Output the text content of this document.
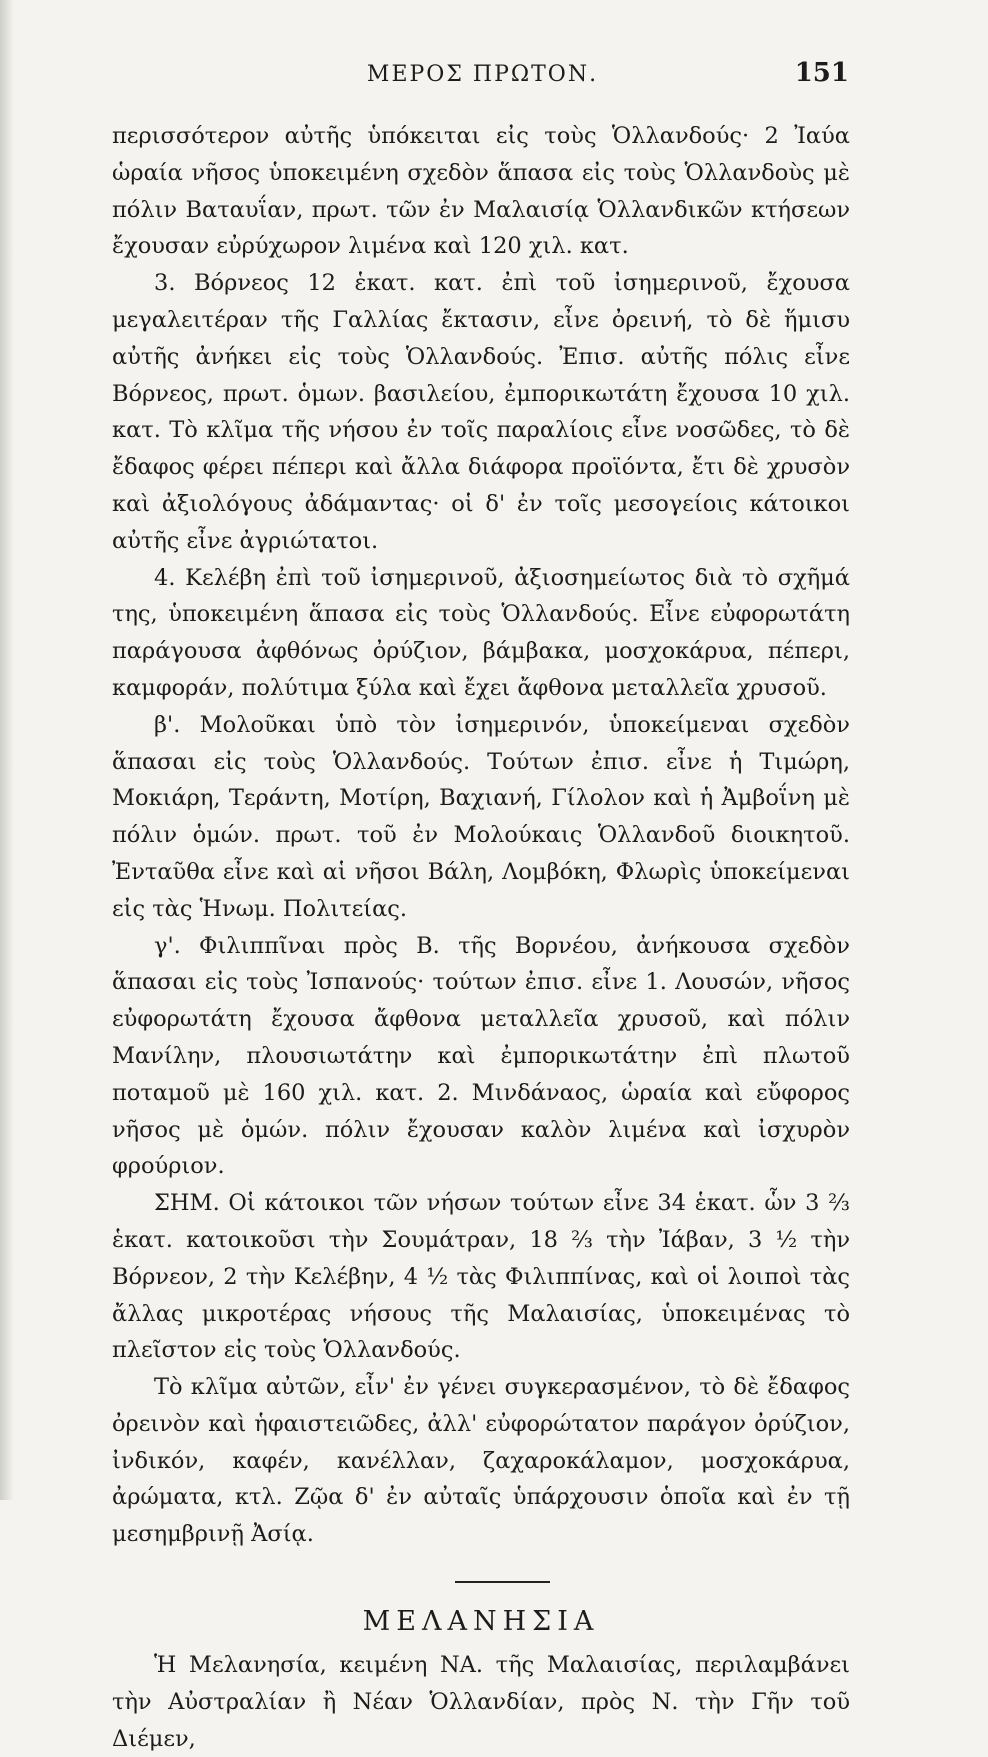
ΜΕΡΟΣ ΠΡΩΤΟΝ.	151

περισσότερον αὐτῆς ὑπόκειται εἰς τοὺς Ὁλλανδούς· 2 Ἰαύα ὡραία νῆσος ὑποκειμένη σχεδὸν ἅπασα εἰς τοὺς Ὁλλανδοὺς μὲ πόλιν Βαταυΐαν, πρωτ. τῶν ἐν Μαλαισίᾳ Ὁλλανδικῶν κτήσεων ἔχουσαν εὐρύχωρον λιμένα καὶ 120 χιλ. κατ.

3. Βόρνεος 12 ἑκατ. κατ. ἐπὶ τοῦ ἰσημερινοῦ, ἔχουσα μεγαλειτέραν τῆς Γαλλίας ἔκτασιν, εἶνε ὀρεινή, τὸ δὲ ἥμισυ αὐτῆς ἀνήκει εἰς τοὺς Ὁλλανδούς. Ἐπισ. αὐτῆς πόλις εἶνε Βόρνεος, πρωτ. ὁμων. βασιλείου, ἐμπορικωτάτη ἔχουσα 10 χιλ. κατ. Τὸ κλῖμα τῆς νήσου ἐν τοῖς παραλίοις εἶνε νοσῶδες, τὸ δὲ ἔδαφος φέρει πέπερι καὶ ἄλλα διάφορα προϊόντα, ἔτι δὲ χρυσὸν καὶ ἀξιολόγους ἀδάμαντας· οἱ δ' ἐν τοῖς μεσογείοις κάτοικοι αὐτῆς εἶνε ἀγριώτατοι.

4. Κελέβη ἐπὶ τοῦ ἰσημερινοῦ, ἀξιοσημείωτος διὰ τὸ σχῆμά της, ὑποκειμένη ἅπασα εἰς τοὺς Ὁλλανδούς. Εἶνε εὐφορωτάτη παράγουσα ἀφθόνως ὀρύζιον, βάμβακα, μοσχοκάρυα, πέπερι, καμφοράν, πολύτιμα ξύλα καὶ ἔχει ἄφθονα μεταλλεῖα χρυσοῦ.

β'. Μολοῦκαι ὑπὸ τὸν ἰσημερινόν, ὑποκείμεναι σχεδὸν ἅπασαι εἰς τοὺς Ὁλλανδούς. Τούτων ἐπισ. εἶνε ἡ Τιμώρη, Μοκιάρη, Τεράντη, Μοτίρη, Βαχιανή, Γίλολον καὶ ἡ Ἀμβοΐνη μὲ πόλιν ὁμών. πρωτ. τοῦ ἐν Μολούκαις Ὁλλανδοῦ διοικητοῦ. Ἐνταῦθα εἶνε καὶ αἱ νῆσοι Βάλη, Λομβόκη, Φλωρὶς ὑποκείμεναι εἰς τὰς Ἡνωμ. Πολιτείας.

γ'. Φιλιππῖναι πρὸς Β. τῆς Βορνέου, ἀνήκουσα σχεδὸν ἅπασαι εἰς τοὺς Ἰσπανούς· τούτων ἐπισ. εἶνε 1. Λουσών, νῆσος εὐφορωτάτη ἔχουσα ἄφθονα μεταλλεῖα χρυσοῦ, καὶ πόλιν Μανίλην, πλουσιωτάτην καὶ ἐμπορικωτάτην ἐπὶ πλωτοῦ ποταμοῦ μὲ 160 χιλ. κατ. 2. Μινδάναος, ὡραία καὶ εὔφορος νῆσος μὲ ὁμών. πόλιν ἔχουσαν καλὸν λιμένα καὶ ἰσχυρὸν φρούριον.

ΣΗΜ. Οἱ κάτοικοι τῶν νήσων τούτων εἶνε 34 ἑκατ. ὧν 3 ⅔ ἑκατ. κατοικοῦσι τὴν Σουμάτραν, 18 ⅔ τὴν Ἰάβαν, 3 ½ τὴν Βόρνεον, 2 τὴν Κελέβην, 4 ½ τὰς Φιλιππίνας, καὶ οἱ λοιποὶ τὰς ἄλλας μικροτέρας νήσους τῆς Μαλαισίας, ὑποκειμένας τὸ πλεῖστον εἰς τοὺς Ὁλλανδούς.

Τὸ κλῖμα αὐτῶν, εἶν' ἐν γένει συγκερασμένον, τὸ δὲ ἔδαφος ὀρεινὸν καὶ ἡφαιστειῶδες, ἀλλ' εὐφορώτατον παράγον ὀρύζιον, ἰνδικόν, καφέν, κανέλλαν, ζαχαροκάλαμον, μοσχοκάρυα, ἀρώματα, κτλ. Ζῷα δ' ἐν αὐταῖς ὑπάρχουσιν ὁποῖα καὶ ἐν τῇ μεσημβρινῇ Ἀσίᾳ.

ΜΕΛΑΝΗΣΙΑ

Ἡ Μελανησία, κειμένη ΝΑ. τῆς Μαλαισίας, περιλαμβάνει τὴν Αὐστραλίαν ἢ Νέαν Ὁλλανδίαν, πρὸς Ν. τὴν Γῆν τοῦ Διέμεν,
